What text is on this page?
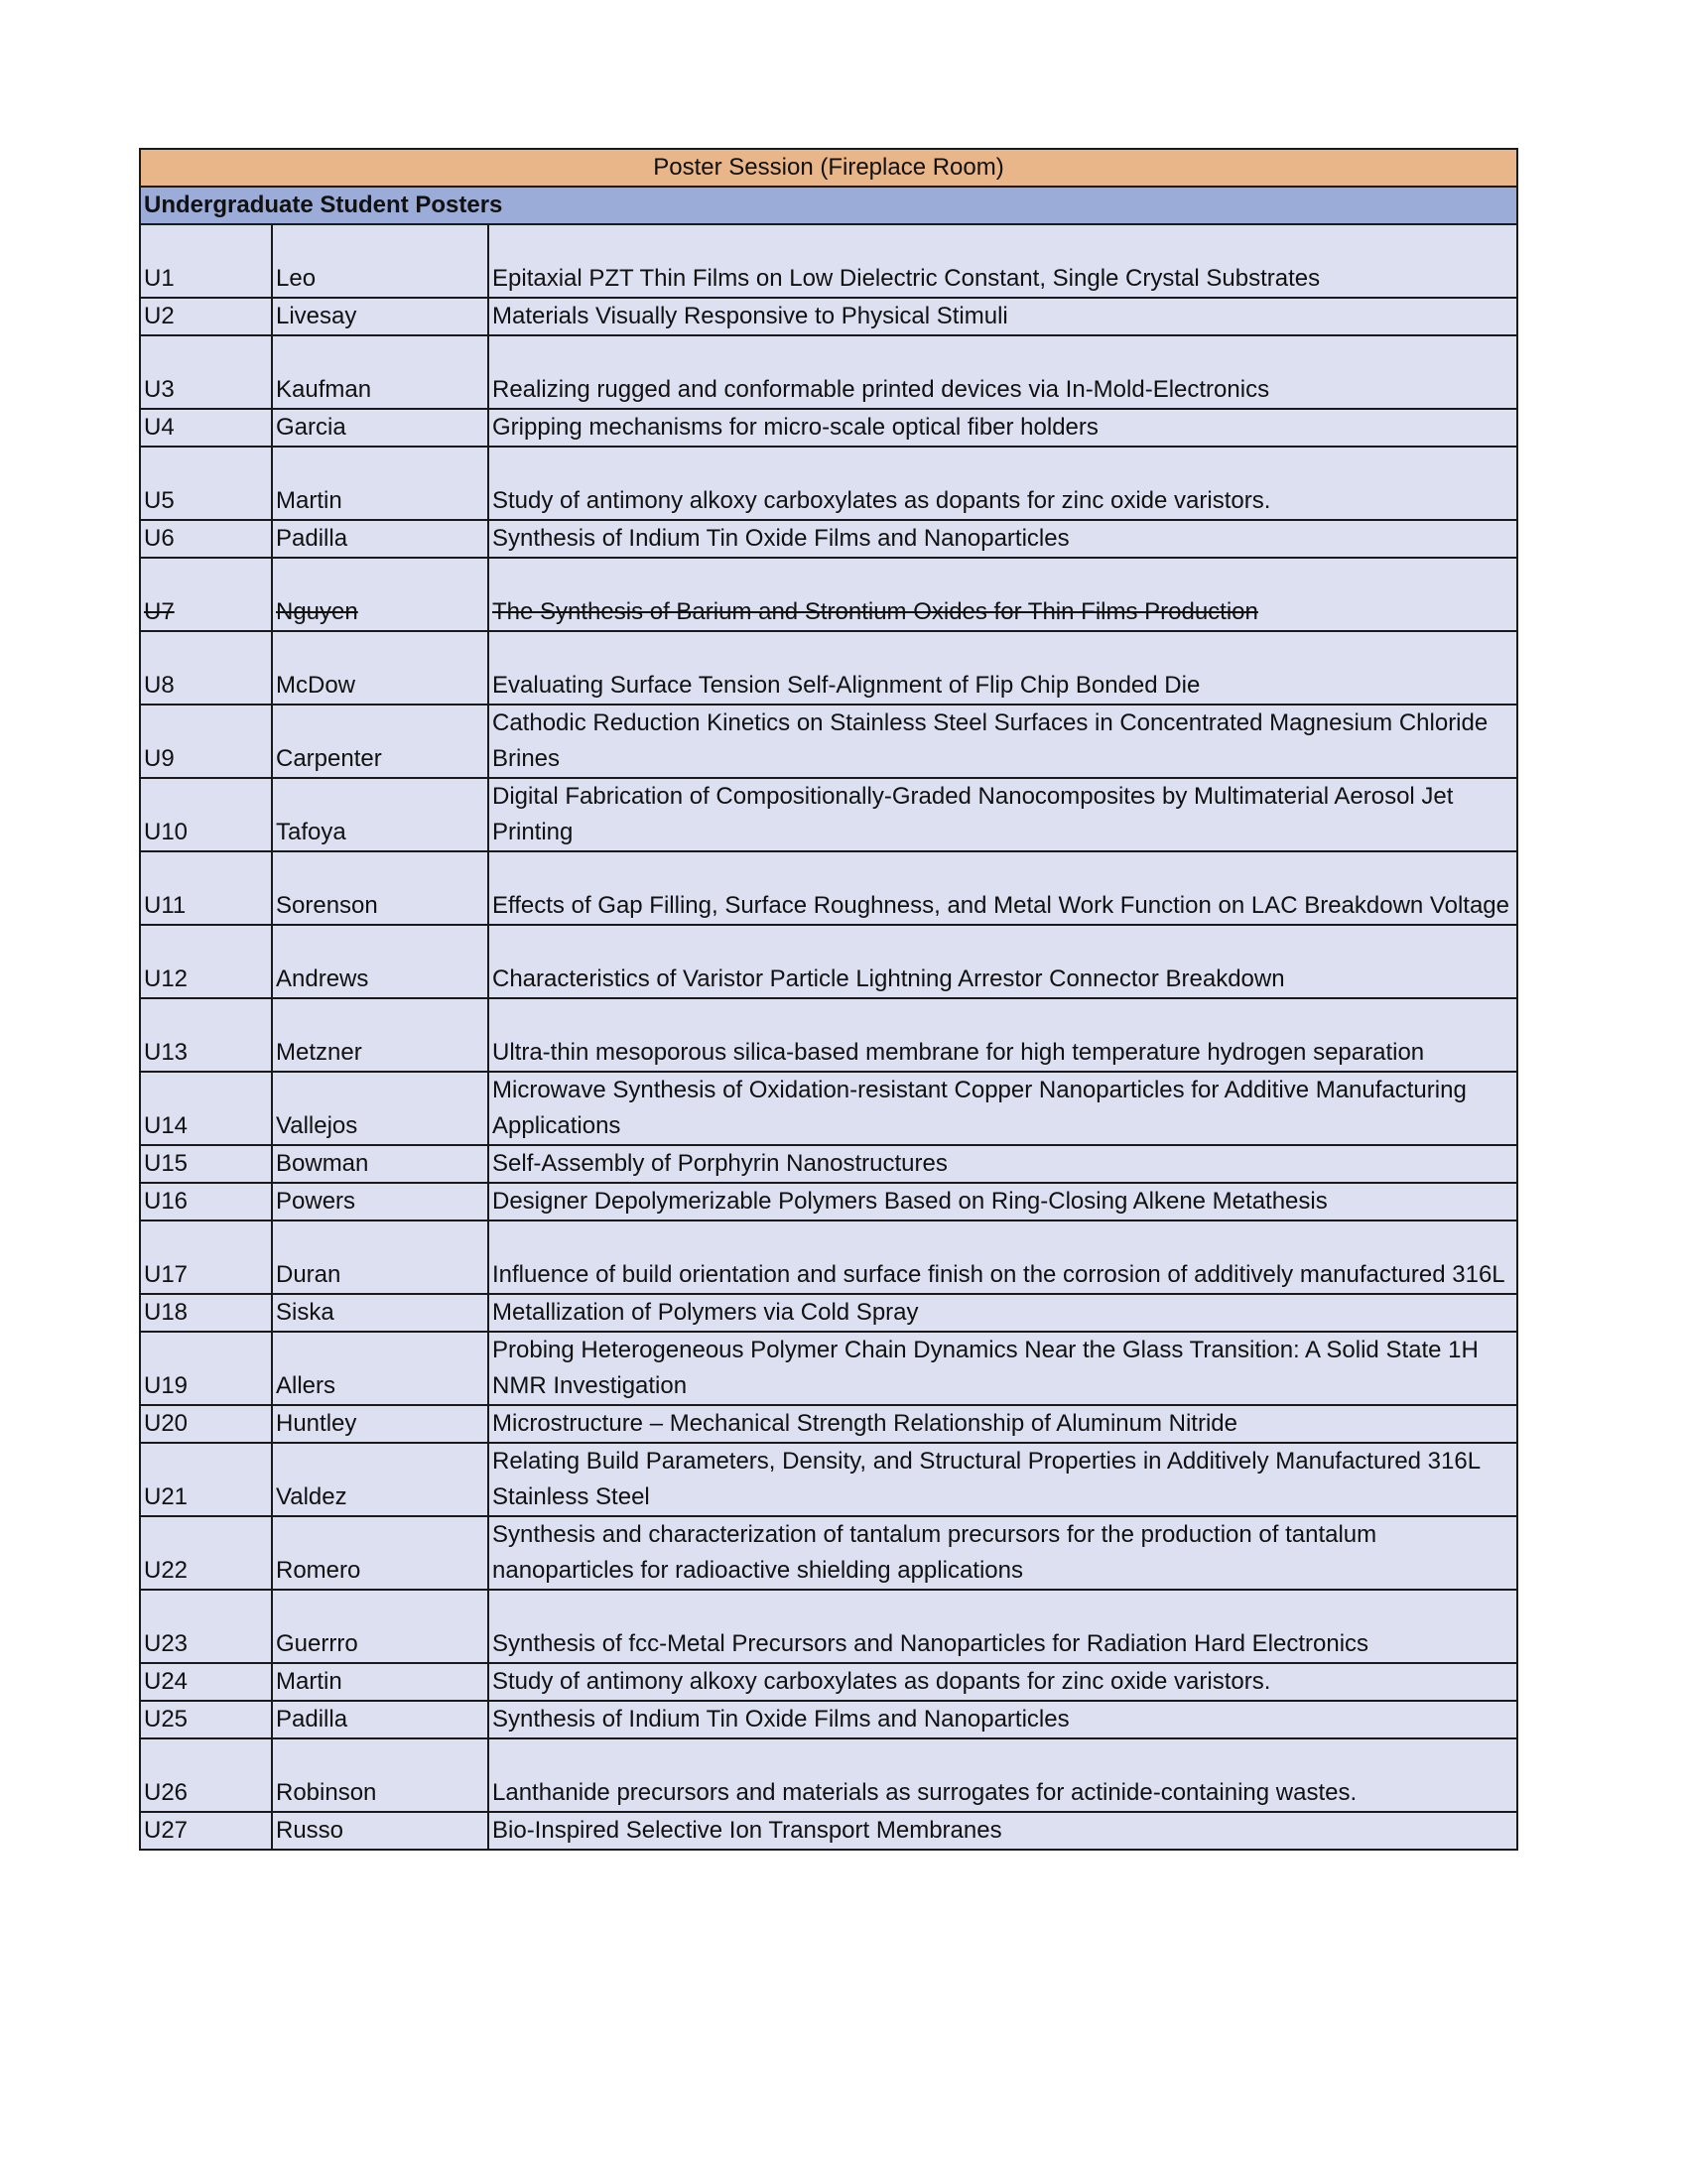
Poster Session (Fireplace Room)		
Undergraduate Student Posters		
U1	Leo	Epitaxial PZT Thin Films on Low Dielectric Constant, Single Crystal Substrates
U2	Livesay	Materials Visually Responsive to Physical Stimuli
U3	Kaufman	Realizing rugged and conformable printed devices via In-Mold-Electronics
U4	Garcia	Gripping mechanisms for micro-scale optical fiber holders
U5	Martin	Study of antimony alkoxy carboxylates as dopants for zinc oxide varistors.
U6	Padilla	Synthesis of Indium Tin Oxide Films and Nanoparticles
U7	Nguyen	The Synthesis of Barium and Strontium Oxides for Thin Films Production
U8	McDow	Evaluating Surface Tension Self-Alignment of Flip Chip Bonded Die
U9	Carpenter	Cathodic Reduction Kinetics on Stainless Steel Surfaces in Concentrated Magnesium Chloride Brines
U10	Tafoya	Digital Fabrication of Compositionally-Graded Nanocomposites by Multimaterial Aerosol Jet Printing
U11	Sorenson	Effects of Gap Filling, Surface Roughness, and Metal Work Function on LAC Breakdown Voltage
U12	Andrews	Characteristics of Varistor Particle Lightning Arrestor Connector Breakdown
U13	Metzner	Ultra-thin mesoporous silica-based membrane for high temperature hydrogen separation
U14	Vallejos	Microwave Synthesis of Oxidation-resistant Copper Nanoparticles for Additive Manufacturing Applications
U15	Bowman	Self-Assembly of Porphyrin Nanostructures
U16	Powers	Designer Depolymerizable Polymers Based on Ring-Closing Alkene Metathesis
U17	Duran	Influence of build orientation and surface finish on the corrosion of additively manufactured 316L
U18	Siska	Metallization of Polymers via Cold Spray
U19	Allers	Probing Heterogeneous Polymer Chain Dynamics Near the Glass Transition: A Solid State 1H NMR Investigation
U20	Huntley	Microstructure – Mechanical Strength Relationship of Aluminum Nitride
U21	Valdez	Relating Build Parameters, Density, and Structural Properties in Additively Manufactured 316L Stainless Steel
U22	Romero	Synthesis and characterization of tantalum precursors for the production of tantalum nanoparticles for radioactive shielding applications
U23	Guerrro	Synthesis of fcc-Metal Precursors and Nanoparticles for Radiation Hard Electronics
U24	Martin	Study of antimony alkoxy carboxylates as dopants for zinc oxide varistors.
U25	Padilla	Synthesis of Indium Tin Oxide Films and Nanoparticles
U26	Robinson	Lanthanide precursors and materials as surrogates for actinide-containing wastes.
U27	Russo	Bio-Inspired Selective Ion Transport Membranes
